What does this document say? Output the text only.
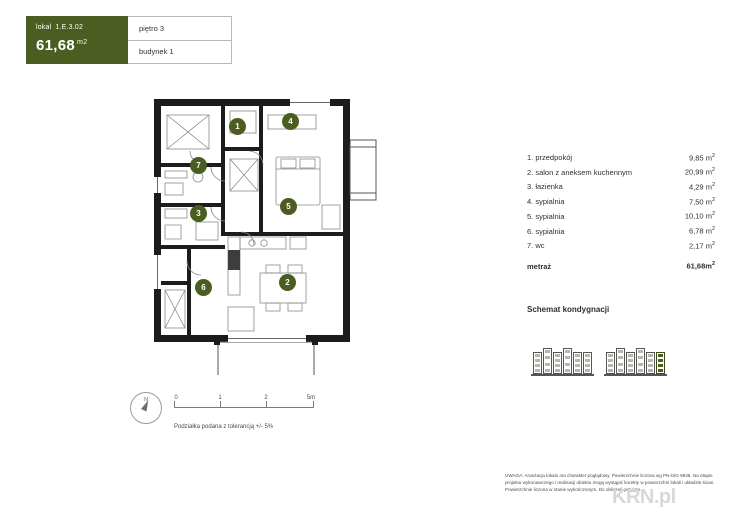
lokal 1.E.3.02
61,68 $^{m2}$
piętro 3
budynek 1
1
4
7
3
5
6
2
N	0	1	2	5m
Podziałka podana z tolerancją +/- 5%
1. przedpokój	9,85 $m^2$
2. salon z aneksem kuchennym	20,99 $m^2$
3. łazienka	4,29 $m^2$
4. sypialnia	7,50 $m^2$
5. sypialnia	10,10 $m^2$
6. sypialnia	6,78 $m^2$
7. wc	2,17 $m^2$
metraż	$61,68m^2$
Schemat kondygnacji
UWAGA: Aranżacja lokalu ma charakter poglądowy. Powierzchnie liczona wg PN-ISO 9836. Na etapie projektu wykonawczego i realizacji obiektu mogą wystąpić korekty w powierzchni lokali i układzie ścian. Powierzchnie liczona w stanie wykończonym. Do obliczeń przyjęto...
KRN.pl
